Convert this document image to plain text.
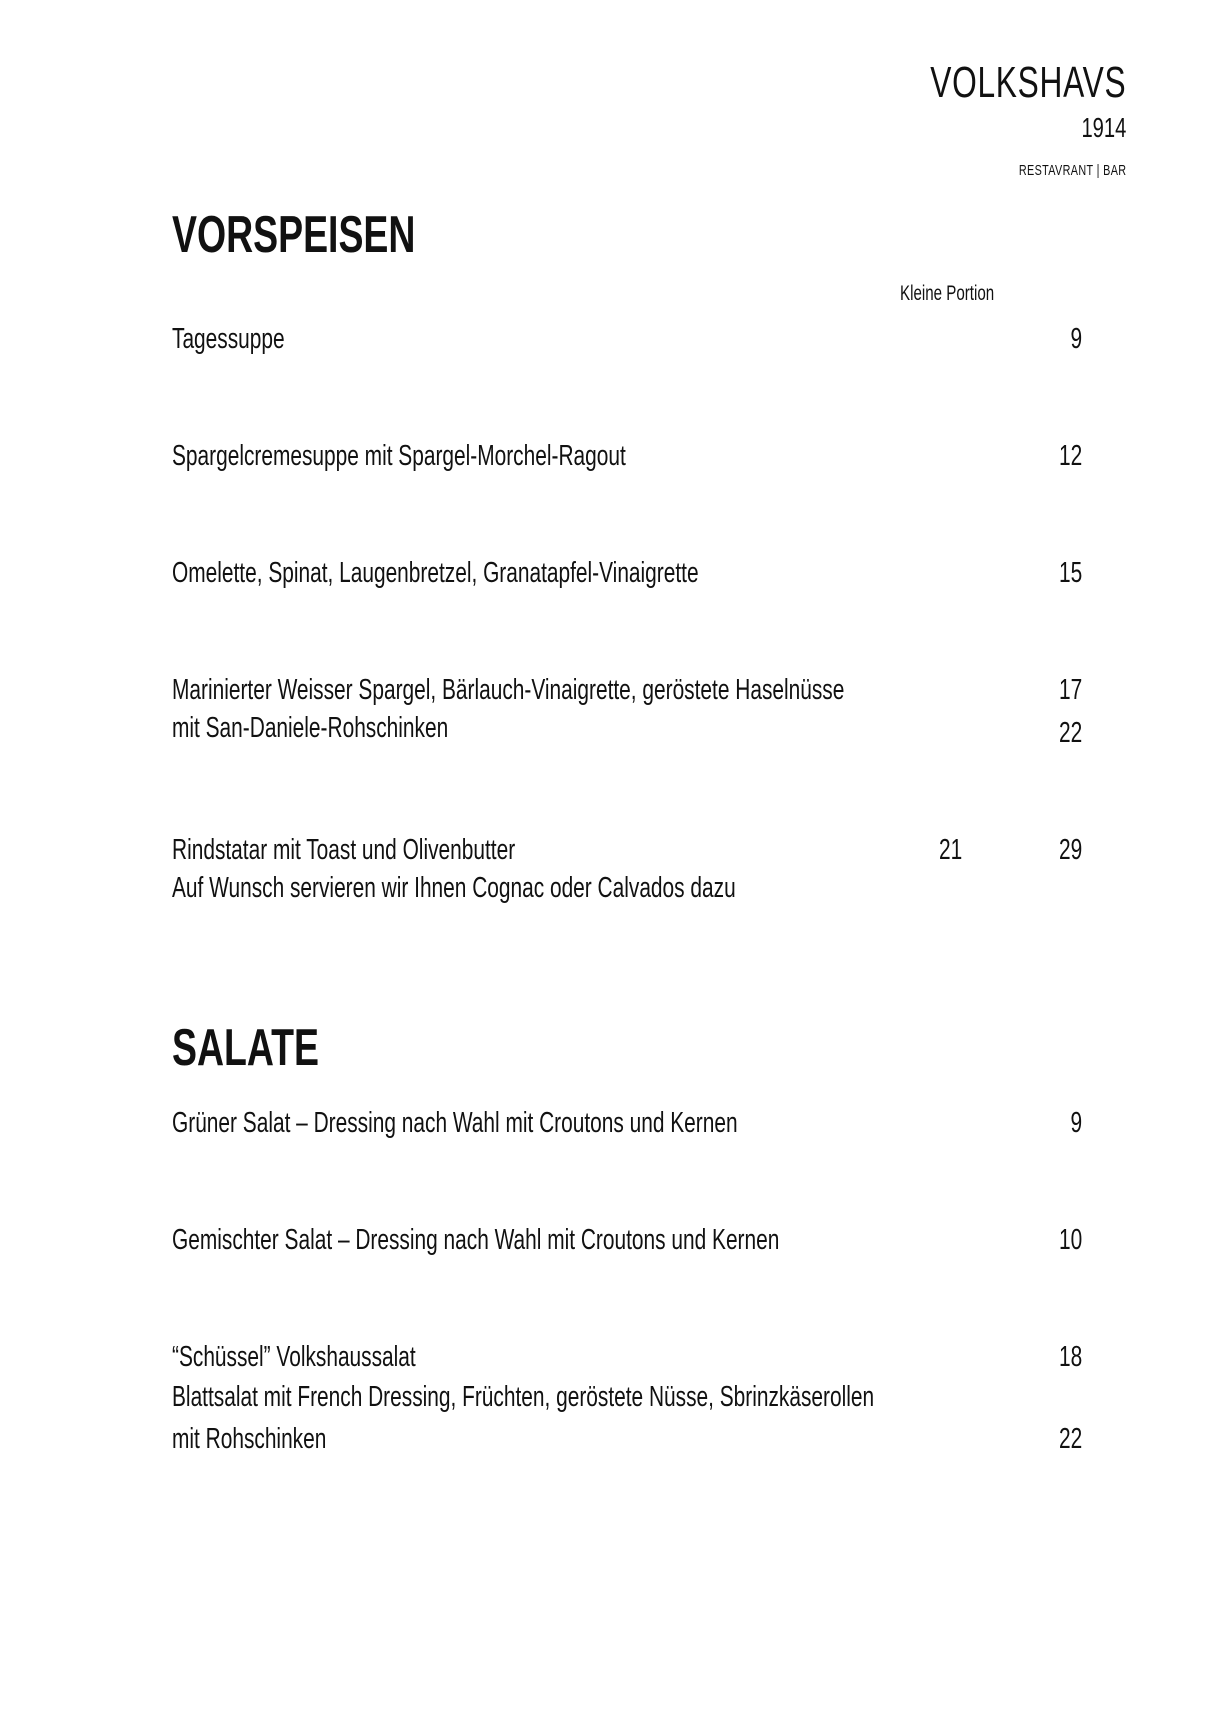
VOLKSHAVS
1914
RESTAVRANT | BAR
VORSPEISEN
Kleine Portion
Tagessuppe	9
Spargelcremesuppe mit Spargel-Morchel-Ragout	12
Omelette, Spinat, Laugenbretzel, Granatapfel-Vinaigrette	15
Marinierter Weisser Spargel, Bärlauch-Vinaigrette, geröstete Haselnüsse	17
mit San-Daniele-Rohschinken	22
Rindstatar mit Toast und Olivenbutter	21	29
Auf Wunsch servieren wir Ihnen Cognac oder Calvados dazu
SALATE
Grüner Salat – Dressing nach Wahl mit Croutons und Kernen	9
Gemischter Salat – Dressing nach Wahl mit Croutons und Kernen	10
“Schüssel” Volkshaussalat	18
Blattsalat mit French Dressing, Früchten, geröstete Nüsse, Sbrinzkäserollen
mit Rohschinken	22
